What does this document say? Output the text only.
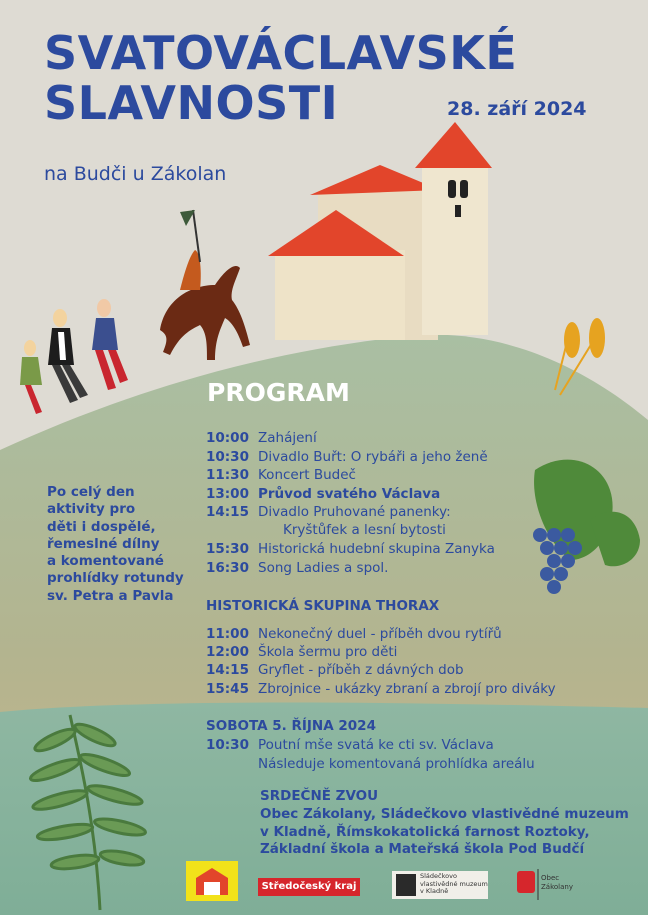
SVATOVÁCLAVSKÉ
SLAVNOSTI	28. září 2024
na Budči u Zákolan
PROGRAM
10:00 Zahájení
10:30 Divadlo Buřt: O rybáři a jeho ženě
11:30 Koncert Budeč
13:00 Průvod svatého Václava
14:15 Divadlo Pruhované panenky:
Kryštůfek a lesní bytosti
15:30 Historická hudební skupina Zanyka
16:30 Song Ladies a spol.
Po celý den
aktivity pro
děti i dospělé,
řemeslné dílny
a komentované
prohlídky rotundy
sv. Petra a Pavla
HISTORICKÁ SKUPINA THORAX
11:00 Nekonečný duel - příběh dvou rytířů
12:00 Škola šermu pro děti
14:15 Gryflet - příběh z dávných dob
15:45 Zbrojnice - ukázky zbraní a zbrojí pro diváky
SOBOTA 5. ŘÍJNA 2024
10:30 Poutní mše svatá ke cti sv. Václava
Následuje komentovaná prohlídka areálu
SRDEČNĚ ZVOU
Obec Zákolany, Sládečkovo vlastivědné muzeum
v Kladně, Římskokatolická farnost Roztoky,
Základní škola a Mateřská škola Pod Budčí
Středočeský kraj
Sládečkovo
vlastivědné muzeum
v Kladně
Obec
Zákolany
